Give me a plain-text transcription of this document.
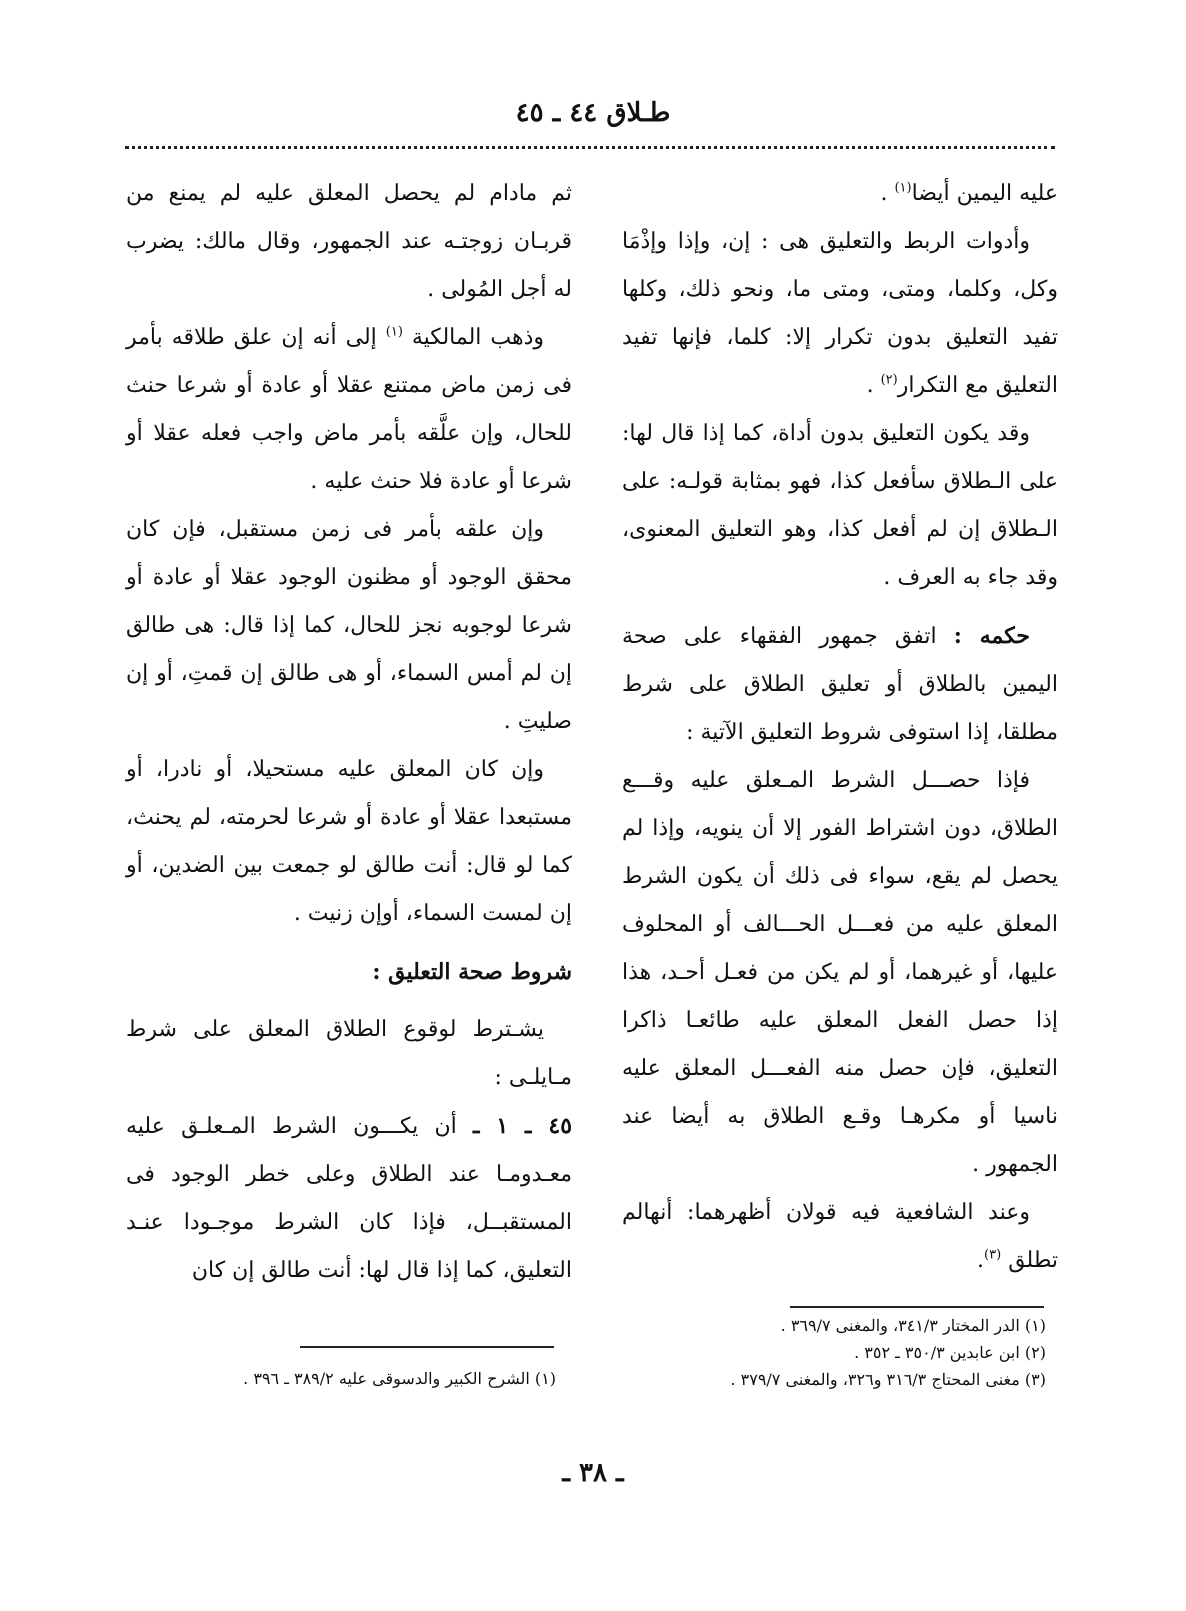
طـلاق ٤٤ ـ ٤٥

عليه اليمين أيضا$^{(١)}$ .

وأدوات الربط والتعليق هى : إن، وإذا وإذْمَا وكل، وكلما، ومتى، ومتى ما، ونحو ذلك، وكلها تفيد التعليق بدون تكرار إلا: كلما، فإنها تفيد التعليق مع التكرار$^{(٢)}$ .

وقد يكون التعليق بدون أداة، كما إذا قال لها: على الـطلاق سأفعل كذا، فهو بمثابة قولـه: على الـطلاق إن لم أفعل كذا، وهو التعليق المعنوى، وقد جاء به العرف .

حكمه : اتفق جمهور الفقهاء على صحة اليمين بالطلاق أو تعليق الطلاق على شرط مطلقا، إذا استوفى شروط التعليق الآتية :

فإذا حصـــل الشرط المـعلق عليه وقـــع الطلاق، دون اشتراط الفور إلا أن ينويه، وإذا لم يحصل لم يقع، سواء فى ذلك أن يكون الشرط المعلق عليه من فعـــل الحـــالف أو المحلوف عليها، أو غيرهما، أو لم يكن من فعـل أحـد، هذا إذا حصل الفعل المعلق عليه طائعـا ذاكرا التعليق، فإن حصل منه الفعـــل المعلق عليه ناسيا أو مكرهـا وقـع الطلاق به أيضا عند الجمهور .

وعند الشافعية فيه قولان أظهرهما: أنهالم تطلق $^{(٣)}$.

ثم مادام لم يحصل المعلق عليه لم يمنع من قربـان زوجتـه عند الجمهور، وقال مالك: يضرب له أجل المُولى .

وذهب المالكية $^{(١)}$ إلى أنه إن علق طلاقه بأمر فى زمن ماض ممتنع عقلا أو عادة أو شرعا حنث للحال، وإن علَّقه بأمر ماض واجب فعله عقلا أو شرعا أو عادة فلا حنث عليه .

وإن علقه بأمر فى زمن مستقبل، فإن كان محقق الوجود أو مظنون الوجود عقلا أو عادة أو شرعا لوجوبه نجز للحال، كما إذا قال: هى طالق إن لم أمس السماء، أو هى طالق إن قمتِ، أو إن صليتِ .

وإن كان المعلق عليه مستحيلا، أو نادرا، أو مستبعدا عقلا أو عادة أو شرعا لحرمته، لم يحنث، كما لو قال: أنت طالق لو جمعت بين الضدين، أو إن لمست السماء، أوإن زنيت .

شروط صحة التعليق :

يشـترط لوقوع الطلاق المعلق على شرط مـايلـى :

٤٥ ـ ١ ـ أن يكـــون الشرط المـعلـق عليه معـدومـا عند الطلاق وعلى خطر الوجود فى المستقبــل، فإذا كان الشرط موجـودا عنـد التعليق، كما إذا قال لها: أنت طالق إن كان

(١) الدر المختار ٣٤١/٣، والمغنى ٣٦٩/٧ .

(٢) ابن عابدين ٣٥٠/٣ ـ ٣٥٢ .

(٣) مغنى المحتاج ٣١٦/٣ و٣٢٦، والمغنى ٣٧٩/٧ .

(١) الشرح الكبير والدسوقى عليه ٣٨٩/٢ ـ ٣٩٦ .

ـ ٣٨ ـ
